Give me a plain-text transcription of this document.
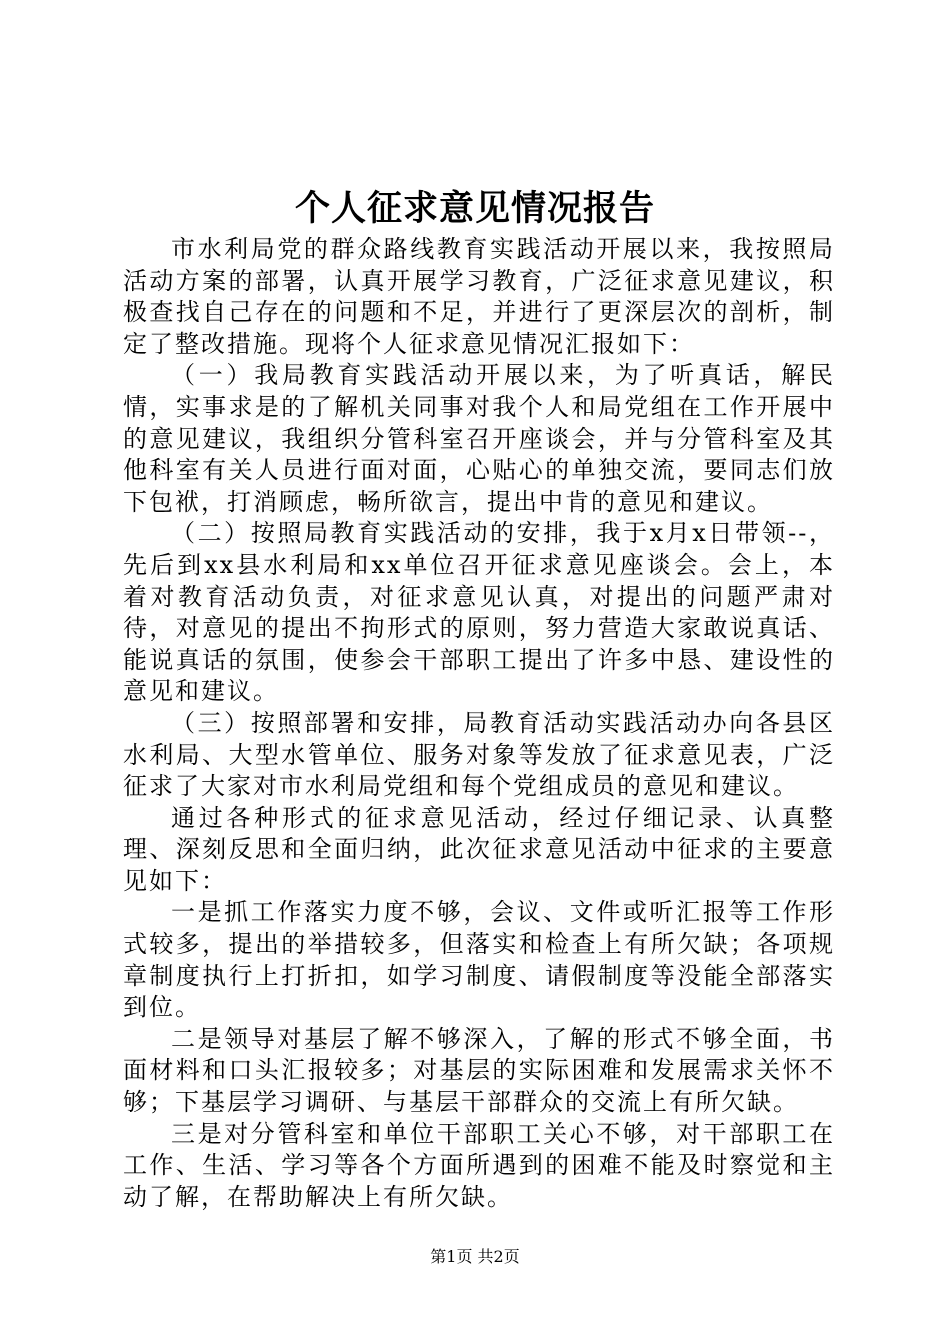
个人征求意见情况报告

市水利局党的群众路线教育实践活动开展以来，我按照局活动方案的部署，认真开展学习教育，广泛征求意见建议，积极查找自己存在的问题和不足，并进行了更深层次的剖析，制定了整改措施。现将个人征求意见情况汇报如下：

（一）我局教育实践活动开展以来，为了听真话，解民情，实事求是的了解机关同事对我个人和局党组在工作开展中的意见建议，我组织分管科室召开座谈会，并与分管科室及其他科室有关人员进行面对面，心贴心的单独交流，要同志们放下包袱，打消顾虑，畅所欲言，提出中肯的意见和建议。

（二）按照局教育实践活动的安排，我于x月x日带领--，先后到xx县水利局和xx单位召开征求意见座谈会。会上，本着对教育活动负责，对征求意见认真，对提出的问题严肃对待，对意见的提出不拘形式的原则，努力营造大家敢说真话、能说真话的氛围，使参会干部职工提出了许多中恳、建设性的意见和建议。

（三）按照部署和安排，局教育活动实践活动办向各县区水利局、大型水管单位、服务对象等发放了征求意见表，广泛征求了大家对市水利局党组和每个党组成员的意见和建议。

通过各种形式的征求意见活动，经过仔细记录、认真整理、深刻反思和全面归纳，此次征求意见活动中征求的主要意见如下：

一是抓工作落实力度不够，会议、文件或听汇报等工作形式较多，提出的举措较多，但落实和检查上有所欠缺；各项规章制度执行上打折扣，如学习制度、请假制度等没能全部落实到位。

二是领导对基层了解不够深入，了解的形式不够全面，书面材料和口头汇报较多；对基层的实际困难和发展需求关怀不够；下基层学习调研、与基层干部群众的交流上有所欠缺。

三是对分管科室和单位干部职工关心不够，对干部职工在工作、生活、学习等各个方面所遇到的困难不能及时察觉和主动了解，在帮助解决上有所欠缺。

第1页 共2页
